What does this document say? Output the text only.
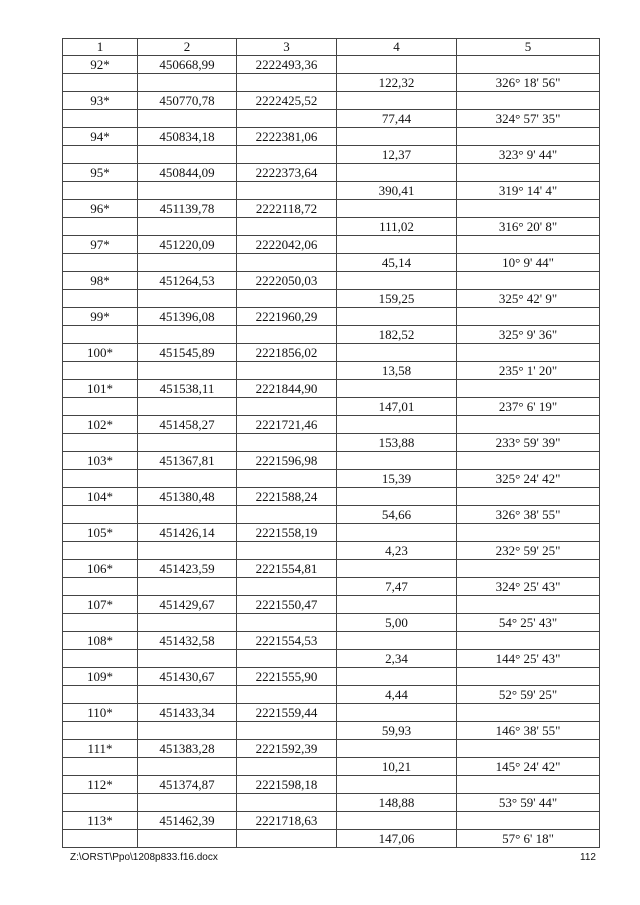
1	2	3	4	5
92*	450668,99	2222493,36		
			122,32	326° 18' 56"
93*	450770,78	2222425,52		
			77,44	324° 57' 35"
94*	450834,18	2222381,06		
			12,37	323° 9' 44"
95*	450844,09	2222373,64		
			390,41	319° 14' 4"
96*	451139,78	2222118,72		
			111,02	316° 20' 8"
97*	451220,09	2222042,06		
			45,14	10° 9' 44"
98*	451264,53	2222050,03		
			159,25	325° 42' 9"
99*	451396,08	2221960,29		
			182,52	325° 9' 36"
100*	451545,89	2221856,02		
			13,58	235° 1' 20"
101*	451538,11	2221844,90		
			147,01	237° 6' 19"
102*	451458,27	2221721,46		
			153,88	233° 59' 39"
103*	451367,81	2221596,98		
			15,39	325° 24' 42"
104*	451380,48	2221588,24		
			54,66	326° 38' 55"
105*	451426,14	2221558,19		
			4,23	232° 59' 25"
106*	451423,59	2221554,81		
			7,47	324° 25' 43"
107*	451429,67	2221550,47		
			5,00	54° 25' 43"
108*	451432,58	2221554,53		
			2,34	144° 25' 43"
109*	451430,67	2221555,90		
			4,44	52° 59' 25"
110*	451433,34	2221559,44		
			59,93	146° 38' 55"
111*	451383,28	2221592,39		
			10,21	145° 24' 42"
112*	451374,87	2221598,18		
			148,88	53° 59' 44"
113*	451462,39	2221718,63		
			147,06	57° 6' 18"
Z:\ORST\Ppo\1208p833.f16.docx	112
